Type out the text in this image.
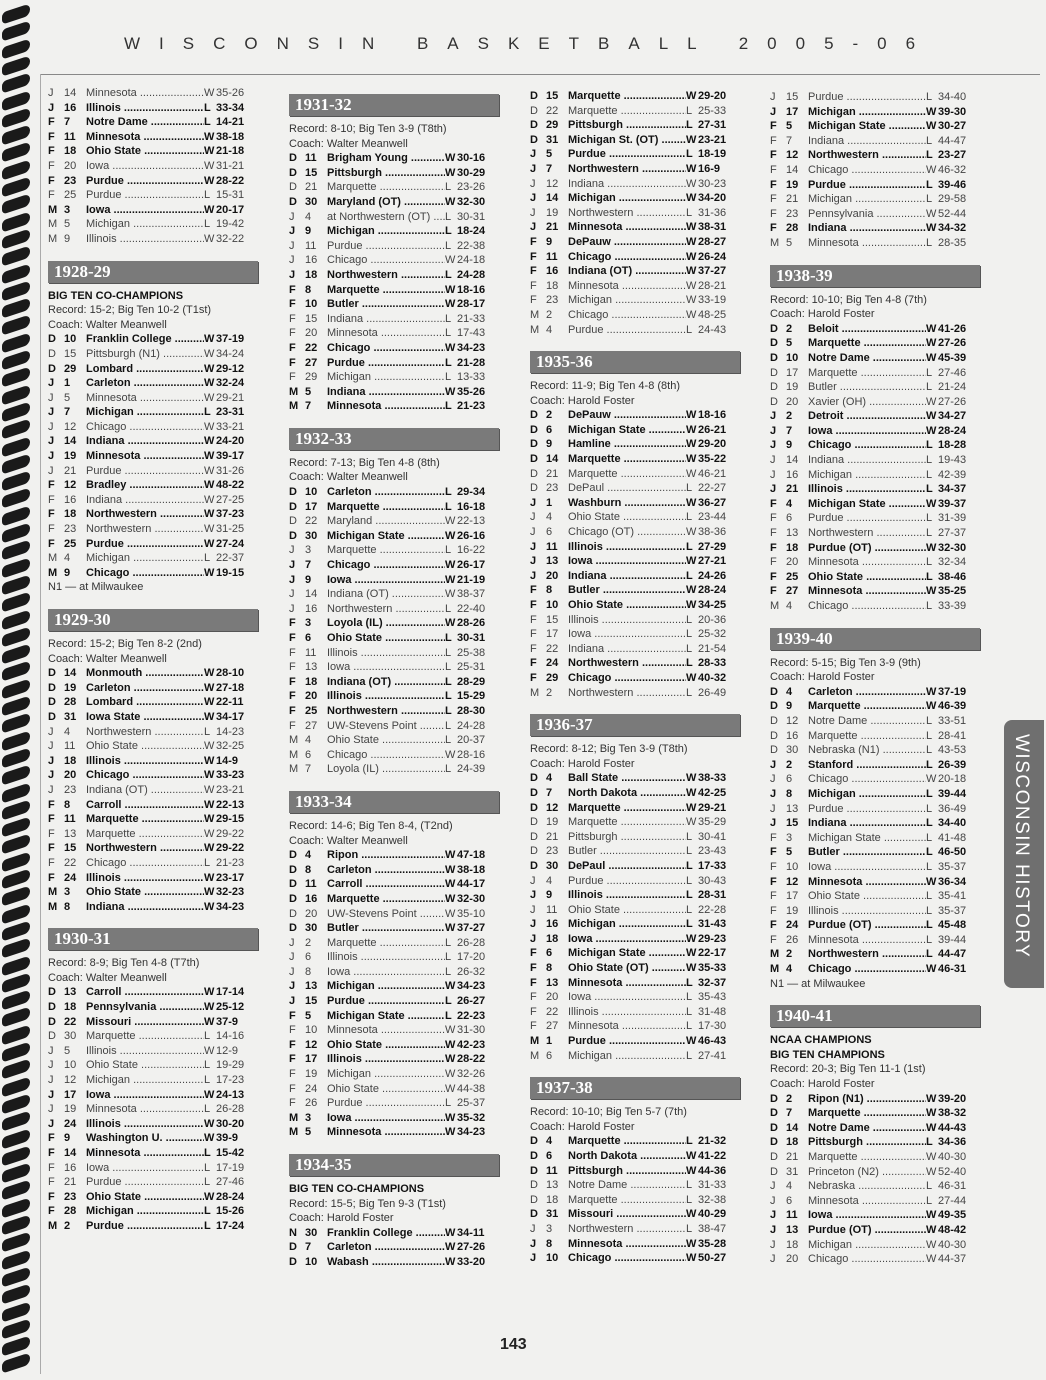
WISCONSIN BASKETBALL 2005-06
J 14 Minnesota .....	W 35-26
J 16 Illinois .....	L 33-34
F 7	Notre Dame .....	L 14-21
F 11 Minnesota .....	W 38-18
F 18 Ohio State .....	W 21-18
F 20 Iowa .....	W 31-21
F 23 Purdue .....	W 28-22
F 25 Purdue .....	L 15-31
M 3	Iowa .....	W 20-17
M 5	Michigan .....	L 19-42
M 9	Illinois .....	W 32-22
1928-29
BIG TEN CO-CHAMPIONS
Record: 15-2; Big Ten 10-2 (T1st)
Coach: Walter Meanwell
D 10 Franklin College .....	W 37-19
D 15 Pittsburgh (N1) .....	W 34-24
D 29 Lombard .....	W 29-12
J 1	Carleton .....	W 32-24
J 5	Minnesota .....	W 29-21
J 7	Michigan .....	L 23-31
J 12 Chicago .....	W 33-21
J 14 Indiana .....	W 24-20
J 19 Minnesota .....	W 39-17
J 21 Purdue .....	W 31-26
F 12 Bradley .....	W 48-22
F 16 Indiana .....	W 27-25
F 18 Northwestern .....	W 37-23
F 23 Northwestern .....	W 31-25
F 25 Purdue .....	W 27-24
M 4	Michigan .....	L 22-37
M 9	Chicago .....	W 19-15
N1 — at Milwaukee
1929-30
Record: 15-2; Big Ten 8-2 (2nd)
Coach: Walter Meanwell
D 14 Monmouth .....	W 28-10
D 19 Carleton .....	W 27-18
D 28 Lombard .....	W 22-11
D 31 Iowa State .....	W 34-17
J 4	Northwestern .....	L 14-23
J 11 Ohio State .....	W 32-25
J 18 Illinois .....	W 14-9
J 20 Chicago .....	W 33-23
J 23 Indiana (OT) .....	W 23-21
F 8	Carroll .....	W 22-13
F 11 Marquette .....	W 29-15
F 13 Marquette .....	W 29-22
F 15 Northwestern .....	W 29-22
F 22 Chicago .....	L 21-23
F 24 Illinois .....	W 23-17
M 3	Ohio State .....	W 32-23
M 8	Indiana .....	W 34-23
1930-31
Record: 8-9; Big Ten 4-8 (T7th)
Coach: Walter Meanwell
D 13 Carroll .....	W 17-14
D 18 Pennsylvania .....	W 25-12
D 22 Missouri .....	W 37-9
D 30 Marquette .....	L 14-16
J 5	Illinois .....	W 12-9
J 10 Ohio State .....	L 19-29
J 12 Michigan .....	L 17-23
J 17 Iowa .....	W 24-13
J 19 Minnesota .....	L 26-28
J 24 Illinois .....	W 30-20
F 9	Washington U. .....	W 39-9
F 14 Minnesota .....	L 15-42
F 16 Iowa .....	L 17-19
F 21 Purdue .....	L 27-46
F 23 Ohio State .....	W 28-24
F 28 Michigan .....	L 15-26
M 2	Purdue .....	L 17-24
1931-32
Record: 8-10; Big Ten 3-9 (T8th)
Coach: Walter Meanwell
D 11 Brigham Young .....	W 30-16
D 15 Pittsburgh .....	W 30-29
D 21 Marquette .....	L 23-26
D 30 Maryland (OT) .....	W 32-30
J 4	at Northwestern (OT) .....	L 30-31
J 9	Michigan .....	L 18-24
J 11 Purdue .....	L 22-38
J 16 Chicago .....	W 24-18
J 18 Northwestern .....	L 24-28
F 8	Marquette .....	W 18-16
F 10 Butler .....	W 28-17
F 15 Indiana .....	L 21-33
F 20 Minnesota .....	L 17-43
F 22 Chicago .....	W 34-23
F 27 Purdue .....	L 21-28
F 29 Michigan .....	L 13-33
M 5	Indiana .....	W 35-26
M 7	Minnesota .....	L 21-23
1932-33
Record: 7-13; Big Ten 4-8 (8th)
Coach: Walter Meanwell
D 10 Carleton .....	L 29-34
D 17 Marquette .....	L 16-18
D 22 Maryland .....	W 22-13
D 30 Michigan State .....	W 26-16
J 3	Marquette .....	L 16-22
J 7	Chicago .....	W 26-17
J 9	Iowa .....	W 21-19
J 14 Indiana (OT) .....	W 38-37
J 16 Northwestern .....	L 22-40
F 3	Loyola (IL) .....	W 28-26
F 6	Ohio State .....	L 30-31
F 11 Illinois .....	L 25-38
F 13 Iowa .....	L 25-31
F 18 Indiana (OT) .....	L 28-29
F 20 Illinois .....	L 15-29
F 25 Northwestern .....	L 28-30
F 27 UW-Stevens Point .....	L 24-28
M 4	Ohio State .....	L 20-37
M 6	Chicago .....	W 28-16
M 7	Loyola (IL) .....	L 24-39
1933-34
Record: 14-6; Big Ten 8-4, (T2nd)
Coach: Walter Meanwell
D 4	Ripon .....	W 47-18
D 8	Carleton .....	W 38-18
D 11 Carroll .....	W 44-17
D 16 Marquette .....	W 32-30
D 20 UW-Stevens Point .....	W 35-10
D 30 Butler .....	W 37-27
J 2	Marquette .....	L 26-28
J 6	Illinois .....	L 17-20
J 8	Iowa .....	L 26-32
J 13 Michigan .....	W 34-23
J 15 Purdue .....	L 26-27
F 5	Michigan State .....	L 22-23
F 10 Minnesota .....	W 31-30
F 12 Ohio State .....	W 42-23
F 17 Illinois .....	W 28-22
F 19 Michigan .....	W 32-26
F 24 Ohio State .....	W 44-38
F 26 Purdue .....	L 25-37
M 3	Iowa .....	W 35-32
M 5	Minnesota .....	W 34-23
1934-35
BIG TEN CO-CHAMPIONS
Record: 15-5; Big Ten 9-3 (T1st)
Coach: Harold Foster
N 30 Franklin College .....	W 34-11
D 7	Carleton .....	W 27-26
D 10 Wabash .....	W 33-20
D 15 Marquette .....	W 29-20
D 22 Marquette .....	L 25-33
D 29 Pittsburgh .....	L 27-31
D 31 Michigan St. (OT) .....	W 23-21
J 5	Purdue .....	L 18-19
J 7	Northwestern .....	W 16-9
J 12 Indiana .....	W 30-23
J 14 Michigan .....	W 34-20
J 19 Northwestern .....	L 31-36
J 21 Minnesota .....	W 38-31
F 9	DePauw .....	W 28-27
F 11 Chicago .....	W 26-24
F 16 Indiana (OT) .....	W 37-27
F 18 Minnesota .....	W 28-21
F 23 Michigan .....	W 33-19
M 2	Chicago .....	W 48-25
M 4	Purdue .....	L 24-43
1935-36
Record: 11-9; Big Ten 4-8 (8th)
Coach: Harold Foster
D 2	DePauw .....	W 18-16
D 6	Michigan State .....	W 26-21
D 9	Hamline .....	W 29-20
D 14 Marquette .....	W 35-22
D 21 Marquette .....	W 46-21
D 23 DePaul .....	L 22-27
J 1	Washburn .....	W 36-27
J 4	Ohio State .....	L 23-44
J 6	Chicago (OT) .....	W 38-36
J 11 Illinois .....	L 27-29
J 13 Iowa .....	W 27-21
J 20 Indiana .....	L 24-26
F 8	Butler .....	W 28-24
F 10 Ohio State .....	W 34-25
F 15 Illinois .....	L 20-36
F 17 Iowa .....	L 25-32
F 22 Indiana .....	L 21-54
F 24 Northwestern .....	L 28-33
F 29 Chicago .....	W 40-32
M 2	Northwestern .....	L 26-49
1936-37
Record: 8-12; Big Ten 3-9 (T8th)
Coach: Harold Foster
D 4	Ball State .....	W 38-33
D 7	North Dakota .....	W 42-25
D 12 Marquette .....	W 29-21
D 19 Marquette .....	W 35-29
D 21 Pittsburgh .....	L 30-41
D 23 Butler .....	L 23-43
D 30 DePaul .....	L 17-33
J 4	Purdue .....	L 30-43
J 9	Illinois .....	L 28-31
J 11 Ohio State .....	L 22-28
J 16 Michigan .....	L 31-43
J 18 Iowa .....	W 29-23
F 6	Michigan State .....	W 22-17
F 8	Ohio State (OT) .....	W 35-33
F 13 Minnesota .....	L 32-37
F 20 Iowa .....	L 35-43
F 22 Illinois .....	L 31-48
F 27 Minnesota .....	L 17-30
M 1	Purdue .....	W 46-43
M 6	Michigan .....	L 27-41
1937-38
Record: 10-10; Big Ten 5-7 (7th)
Coach: Harold Foster
D 4	Marquette .....	L 21-32
D 6	North Dakota .....	W 41-22
D 11 Pittsburgh .....	W 44-36
D 13 Notre Dame .....	L 31-33
D 18 Marquette .....	L 32-38
D 31 Missouri .....	W 40-29
J 3	Northwestern .....	L 38-47
J 8	Minnesota .....	W 35-28
J 10 Chicago .....	W 50-27
J 15 Purdue .....	L 34-40
J 17 Michigan .....	W 39-30
F 5	Michigan State .....	W 30-27
F 7	Indiana .....	L 44-47
F 12 Northwestern .....	L 23-27
F 14 Chicago .....	W 46-32
F 19 Purdue .....	L 39-46
F 21 Michigan .....	L 29-58
F 23 Pennsylvania .....	W 52-44
F 28 Indiana .....	W 34-32
M 5	Minnesota .....	L 28-35
1938-39
Record: 10-10; Big Ten 4-8 (7th)
Coach: Harold Foster
D 2	Beloit .....	W 41-26
D 5	Marquette .....	W 27-26
D 10 Notre Dame .....	W 45-39
D 17 Marquette .....	L 27-46
D 19 Butler .....	L 21-24
D 20 Xavier (OH) .....	W 27-26
J 2	Detroit .....	W 34-27
J 7	Iowa .....	W 28-24
J 9	Chicago .....	L 18-28
J 14 Indiana .....	L 19-43
J 16 Michigan .....	L 42-39
J 21 Illinois .....	L 34-37
F 4	Michigan State .....	W 39-37
F 6	Purdue .....	L 31-39
F 13 Northwestern .....	L 27-37
F 18 Purdue (OT) .....	W 32-30
F 20 Minnesota .....	L 32-34
F 25 Ohio State .....	L 38-46
F 27 Minnesota .....	W 35-25
M 4	Chicago .....	L 33-39
1939-40
Record: 5-15; Big Ten 3-9 (9th)
Coach: Harold Foster
D 4	Carleton .....	W 37-19
D 9	Marquette .....	W 46-39
D 12 Notre Dame .....	L 33-51
D 16 Marquette .....	L 28-41
D 30 Nebraska (N1) .....	L 43-53
J 2	Stanford .....	L 26-39
J 6	Chicago .....	W 20-18
J 8	Michigan .....	L 39-44
J 13 Purdue .....	L 36-49
J 15 Indiana .....	L 34-40
F 3	Michigan State .....	L 41-48
F 5	Butler .....	L 46-50
F 10 Iowa .....	L 35-37
F 12 Minnesota .....	W 36-34
F 17 Ohio State .....	L 35-41
F 19 Illinois .....	L 35-37
F 24 Purdue (OT) .....	L 45-48
F 26 Minnesota .....	L 39-44
M 2	Northwestern .....	L 44-47
M 4	Chicago .....	W 46-31
N1 — at Milwaukee
1940-41
NCAA CHAMPIONS
BIG TEN CHAMPIONS
Record: 20-3; Big Ten 11-1 (1st)
Coach: Harold Foster
D 2	Ripon (N1) .....	W 39-20
D 7	Marquette .....	W 38-32
D 14 Notre Dame .....	W 44-43
D 18 Pittsburgh .....	L 34-36
D 21 Marquette .....	W 40-30
D 31 Princeton (N2) .....	W 52-40
J 4	Nebraska .....	L 46-31
J 6	Minnesota .....	L 27-44
J 11 Iowa .....	W 49-35
J 13 Purdue (OT) .....	W 48-42
J 18 Michigan .....	W 40-30
J 20 Chicago .....	W 44-37
WISCONSIN HISTORY
143
